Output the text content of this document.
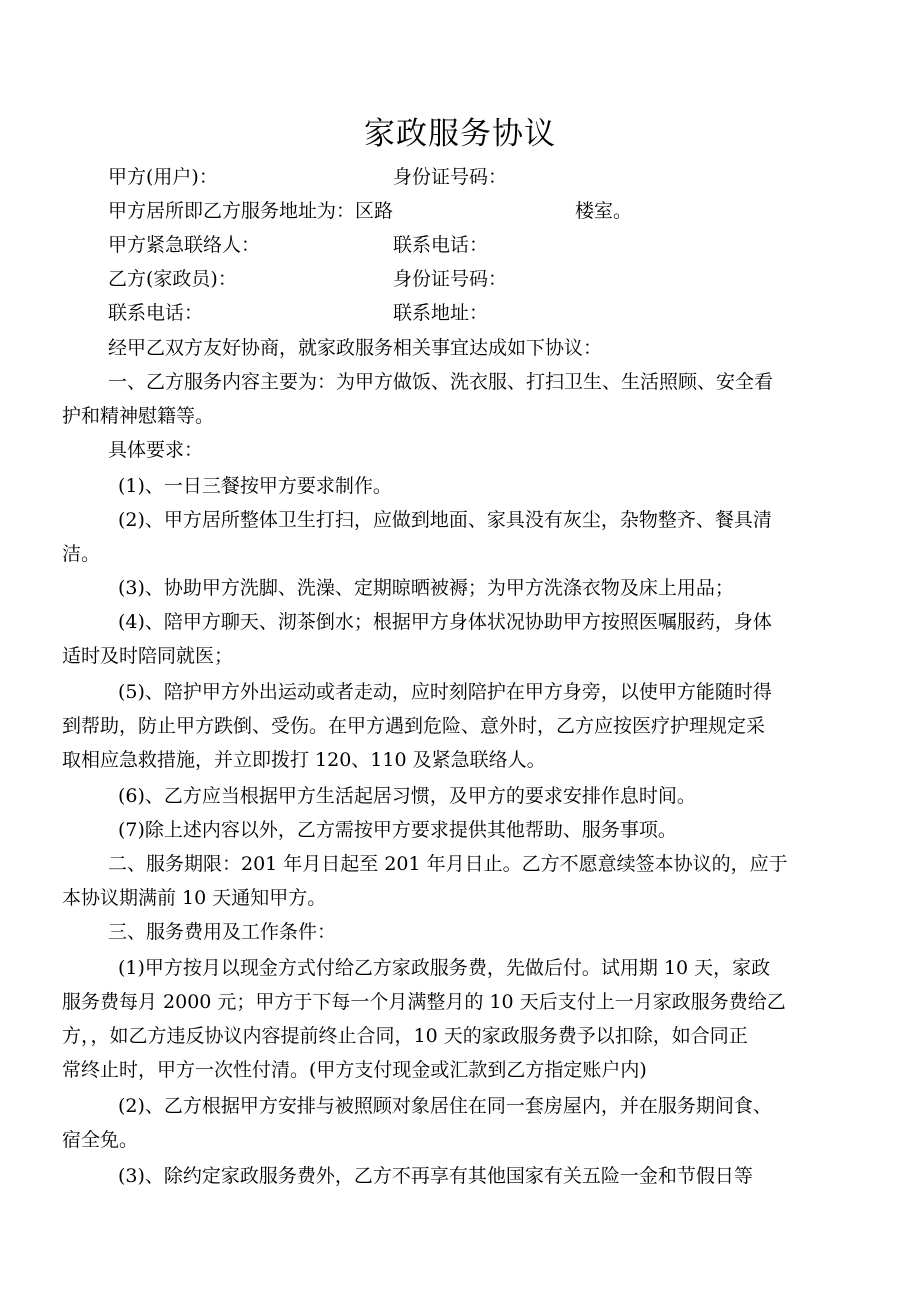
家政服务协议
甲方(用户)：	身份证号码：
甲方居所即乙方服务地址为：区路	楼室。
甲方紧急联络人：	联系电话：
乙方(家政员)：	身份证号码：
联系电话：	联系地址：
经甲乙双方友好协商，就家政服务相关事宜达成如下协议：
一、乙方服务内容主要为：为甲方做饭、洗衣服、打扫卫生、生活照顾、安全看
护和精神慰籍等。
具体要求：
(1)、一日三餐按甲方要求制作。
(2)、甲方居所整体卫生打扫，应做到地面、家具没有灰尘，杂物整齐、餐具清
洁。
(3)、协助甲方洗脚、洗澡、定期晾晒被褥；为甲方洗涤衣物及床上用品；
(4)、陪甲方聊天、沏茶倒水；根据甲方身体状况协助甲方按照医嘱服药，身体
适时及时陪同就医；
(5)、陪护甲方外出运动或者走动，应时刻陪护在甲方身旁，以使甲方能随时得
到帮助，防止甲方跌倒、受伤。在甲方遇到危险、意外时，乙方应按医疗护理规定采
取相应急救措施，并立即拨打 120、110 及紧急联络人。
(6)、乙方应当根据甲方生活起居习惯，及甲方的要求安排作息时间。
(7)除上述内容以外，乙方需按甲方要求提供其他帮助、服务事项。
二、服务期限：201 年月日起至 201 年月日止。乙方不愿意续签本协议的，应于
本协议期满前 10 天通知甲方。
三、服务费用及工作条件：
(1)甲方按月以现金方式付给乙方家政服务费，先做后付。试用期 10 天，家政
服务费每月 2000 元；甲方于下每一个月满整月的 10 天后支付上一月家政服务费给乙
方，，如乙方违反协议内容提前终止合同，10 天的家政服务费予以扣除，如合同正
常终止时，甲方一次性付清。(甲方支付现金或汇款到乙方指定账户内)
(2)、乙方根据甲方安排与被照顾对象居住在同一套房屋内，并在服务期间食、
宿全免。
(3)、除约定家政服务费外，乙方不再享有其他国家有关五险一金和节假日等
